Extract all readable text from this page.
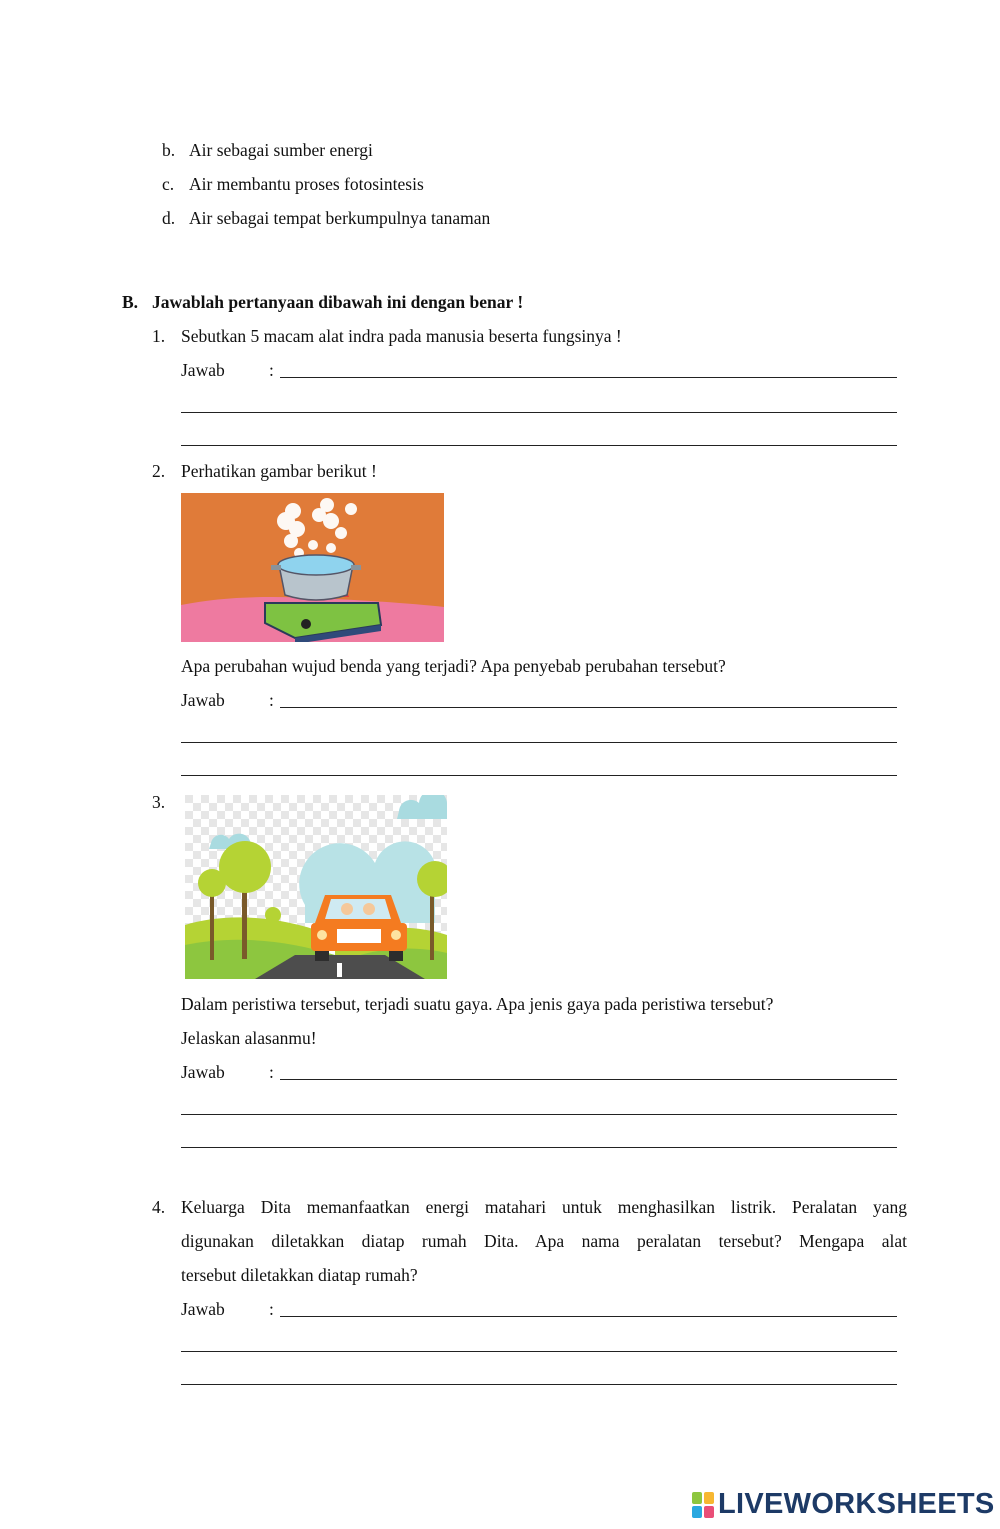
b. Air sebagai sumber energi
c. Air membantu proses fotosintesis
d. Air sebagai tempat berkumpulnya tanaman
B. Jawablah pertanyaan dibawah ini dengan benar !
1. Sebutkan 5 macam alat indra pada manusia beserta fungsinya !
Jawab	:
2. Perhatikan gambar berikut !
Apa perubahan wujud benda yang terjadi? Apa penyebab perubahan tersebut?
Jawab	:
3.
Dalam peristiwa tersebut, terjadi suatu gaya. Apa jenis gaya pada peristiwa tersebut?
Jelaskan alasanmu!
Jawab	:
4. Keluarga Dita memanfaatkan energi matahari untuk menghasilkan listrik. Peralatan yang
digunakan diletakkan diatap rumah Dita. Apa nama peralatan tersebut? Mengapa alat
tersebut diletakkan diatap rumah?
Jawab	:
LIVEWORKSHEETS
